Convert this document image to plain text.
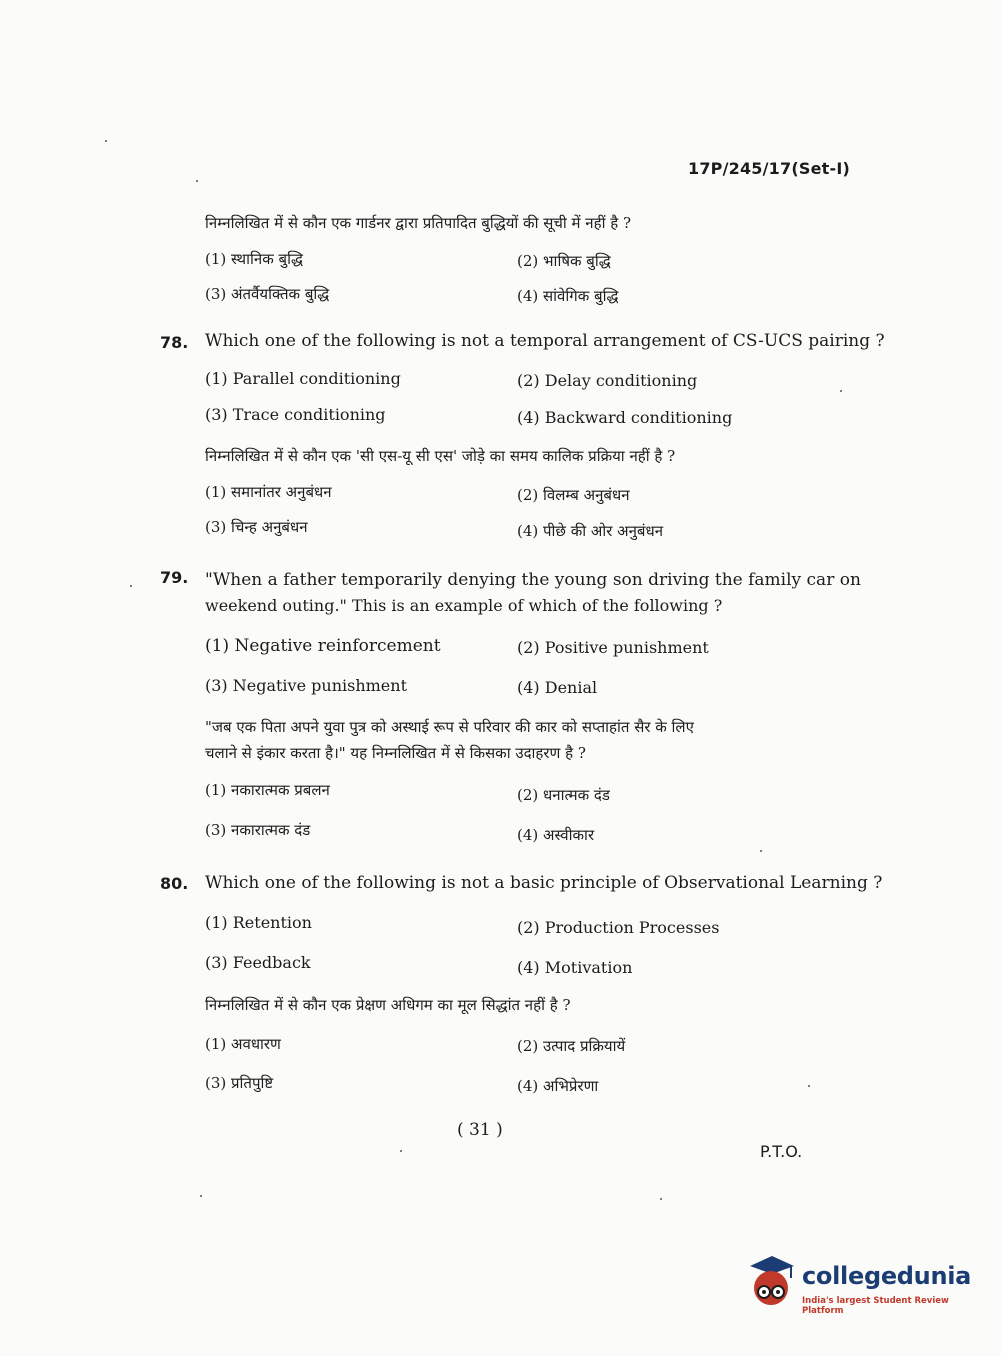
17P/245/17(Set-I)
निम्नलिखित में से कौन एक गार्डनर द्वारा प्रतिपादित बुद्धियों की सूची में नहीं है ?
(1) स्थानिक बुद्धि	(2) भाषिक बुद्धि
(3) अंतर्वैयक्तिक बुद्धि	(4) सांवेगिक बुद्धि
78. Which one of the following is not a temporal arrangement of CS-UCS pairing ?
(1) Parallel conditioning	(2) Delay conditioning
(3) Trace conditioning	(4) Backward conditioning
निम्नलिखित में से कौन एक 'सी एस-यू सी एस' जोड़े का समय कालिक प्रक्रिया नहीं है ?
(1) समानांतर अनुबंधन	(2) विलम्ब अनुबंधन
(3) चिन्ह अनुबंधन	(4) पीछे की ओर अनुबंधन
79. "When a father temporarily denying the young son driving the family car on
weekend outing." This is an example of which of the following ?
(1) Negative reinforcement	(2) Positive punishment
(3) Negative punishment	(4) Denial
"जब एक पिता अपने युवा पुत्र को अस्थाई रूप से परिवार की कार को सप्ताहांत सैर के लिए
चलाने से इंकार करता है।" यह निम्नलिखित में से किसका उदाहरण है ?
(1) नकारात्मक प्रबलन	(2) धनात्मक दंड
(3) नकारात्मक दंड	(4) अस्वीकार
80. Which one of the following is not a basic principle of Observational Learning ?
(1) Retention	(2) Production Processes
(3) Feedback	(4) Motivation
निम्नलिखित में से कौन एक प्रेक्षण अधिगम का मूल सिद्धांत नहीं है ?
(1) अवधारण	(2) उत्पाद प्रक्रियायें
(3) प्रतिपुष्टि	(4) अभिप्रेरणा
( 31 )
P.T.O.
collegedunia
India's largest Student Review Platform
